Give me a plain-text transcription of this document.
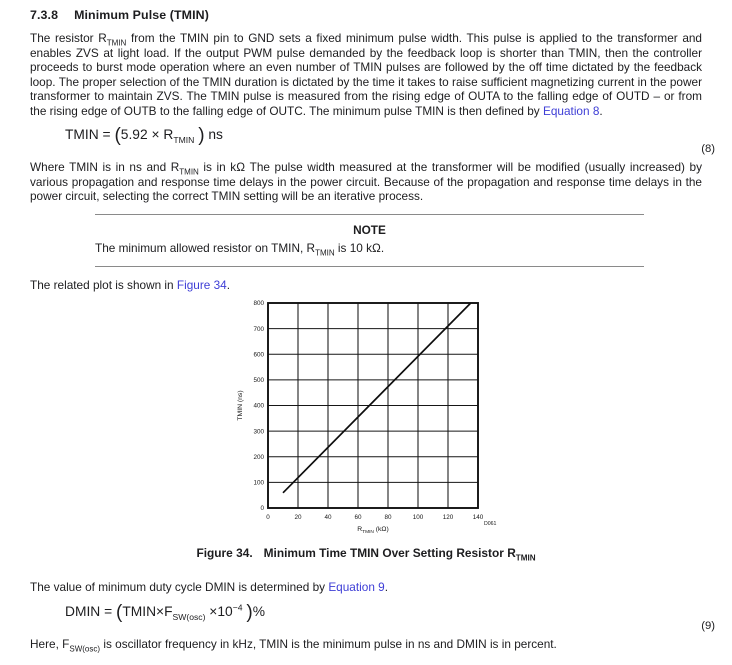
7.3.8 Minimum Pulse (TMIN)

The resistor $R_{TMIN}$ from the TMIN pin to GND sets a fixed minimum pulse width. This pulse is applied to the transformer and enables ZVS at light load. If the output PWM pulse demanded by the feedback loop is shorter than TMIN, then the controller proceeds to burst mode operation where an even number of TMIN pulses are followed by the off time dictated by the feedback loop. The proper selection of the TMIN duration is dictated by the time it takes to raise sufficient magnetizing current in the power transformer to maintain ZVS. The TMIN pulse is measured from the rising edge of OUTA to the falling edge of OUTD – or from the rising edge of OUTB to the falling edge of OUTC. The minimum pulse TMIN is then defined by Equation 8.

TMIN = ($5.92 \times R_{TMIN}$ ) ns
(8)

Where TMIN is in ns and $R_{TMIN}$ is in kΩ The pulse width measured at the transformer will be modified (usually increased) by various propagation and response time delays in the power circuit. Because of the propagation and response time delays in the power circuit, selecting the correct TMIN setting will be an iterative process.

NOTE
The minimum allowed resistor on TMIN, $R_{TMIN}$ is 10 kΩ.

The related plot is shown in Figure 34.

0
100
200
300
400
500
600
700
800
0	20	40	60	80	100	120	140
TMIN (ns)
$R_{TMIN}$ (kΩ)
D061
Figure 34. Minimum Time TMIN Over Setting Resistor $R_{TMIN}$

The value of minimum duty cycle DMIN is determined by Equation 9.

DMIN = ($TMIN\times F_{SW(osc)} \times 10^{-4}$ )%
(9)

Here, $F_{SW(osc)}$ is oscillator frequency in kHz, TMIN is the minimum pulse in ns and DMIN is in percent.
